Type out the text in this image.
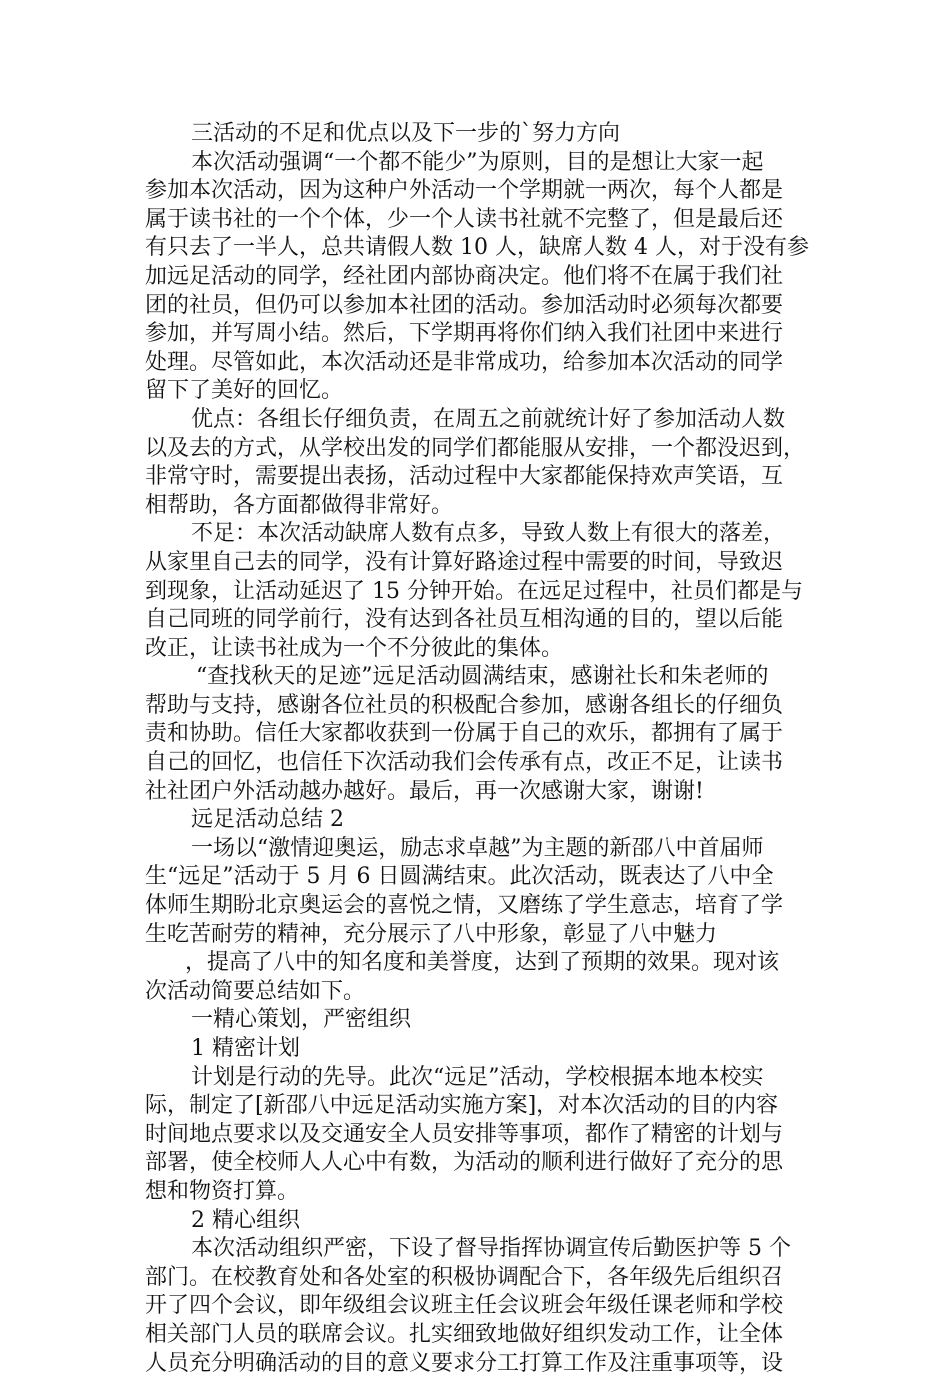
三活动的不足和优点以及下一步的`努力方向
本次活动强调“一个都不能少”为原则，目的是想让大家一起
参加本次活动，因为这种户外活动一个学期就一两次，每个人都是
属于读书社的一个个体，少一个人读书社就不完整了，但是最后还
有只去了一半人，总共请假人数 10 人，缺席人数 4 人，对于没有参
加远足活动的同学，经社团内部协商决定。他们将不在属于我们社
团的社员，但仍可以参加本社团的活动。参加活动时必须每次都要
参加，并写周小结。然后，下学期再将你们纳入我们社团中来进行
处理。尽管如此，本次活动还是非常成功，给参加本次活动的同学
留下了美好的回忆。
优点：各组长仔细负责，在周五之前就统计好了参加活动人数
以及去的方式，从学校出发的同学们都能服从安排，一个都没迟到，
非常守时，需要提出表扬，活动过程中大家都能保持欢声笑语，互
相帮助，各方面都做得非常好。
不足：本次活动缺席人数有点多，导致人数上有很大的落差，
从家里自己去的同学，没有计算好路途过程中需要的时间，导致迟
到现象，让活动延迟了 15 分钟开始。在远足过程中，社员们都是与
自己同班的同学前行，没有达到各社员互相沟通的目的，望以后能
改正，让读书社成为一个不分彼此的集体。
“查找秋天的足迹”远足活动圆满结束，感谢社长和朱老师的
帮助与支持，感谢各位社员的积极配合参加，感谢各组长的仔细负
责和协助。信任大家都收获到一份属于自己的欢乐，都拥有了属于
自己的回忆，也信任下次活动我们会传承有点，改正不足，让读书
社社团户外活动越办越好。最后，再一次感谢大家，谢谢!
远足活动总结 2
一场以“激情迎奥运，励志求卓越”为主题的新邵八中首届师
生“远足”活动于 5 月 6 日圆满结束。此次活动，既表达了八中全
体师生期盼北京奥运会的喜悦之情，又磨练了学生意志，培育了学
生吃苦耐劳的精神，充分展示了八中形象，彰显了八中魅力
，提高了八中的知名度和美誉度，达到了预期的效果。现对该
次活动简要总结如下。
一精心策划，严密组织
1 精密计划
计划是行动的先导。此次“远足”活动，学校根据本地本校实
际，制定了[新邵八中远足活动实施方案]，对本次活动的目的内容
时间地点要求以及交通安全人员安排等事项，都作了精密的计划与
部署，使全校师人人心中有数，为活动的顺利进行做好了充分的思
想和物资打算。
2 精心组织
本次活动组织严密，下设了督导指挥协调宣传后勤医护等 5 个
部门。在校教育处和各处室的积极协调配合下，各年级先后组织召
开了四个会议，即年级组会议班主任会议班会年级任课老师和学校
相关部门人员的联席会议。扎实细致地做好组织发动工作，让全体
人员充分明确活动的目的意义要求分工打算工作及注重事项等，设
